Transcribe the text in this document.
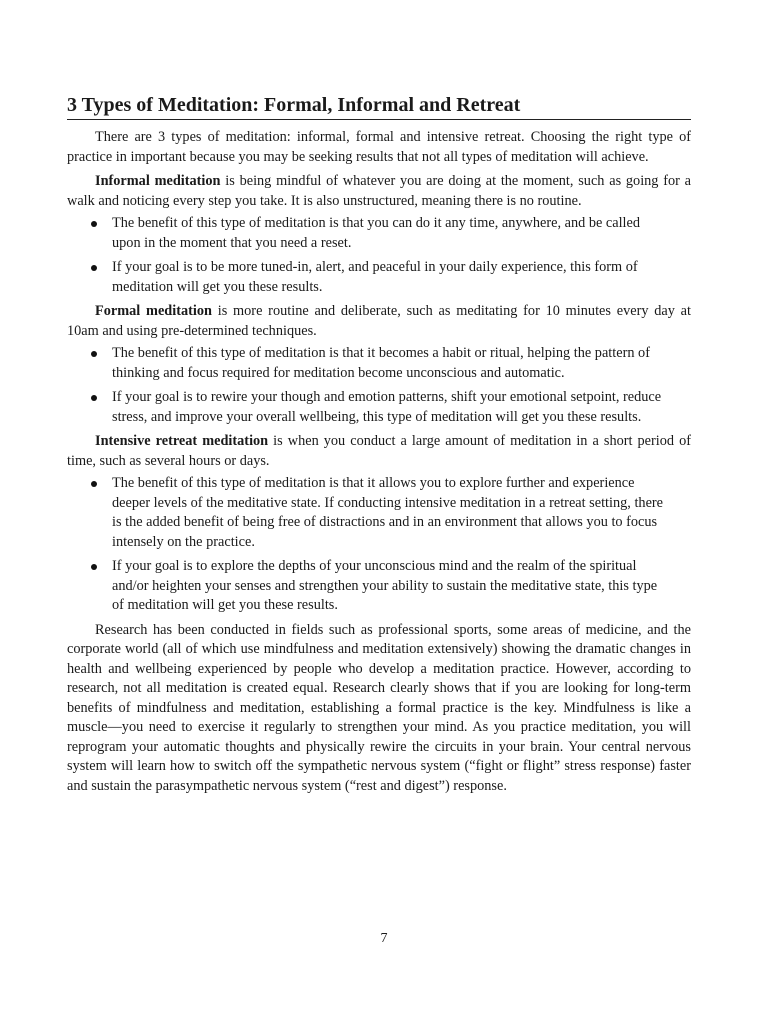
3 Types of Meditation: Formal, Informal and Retreat

There are 3 types of meditation: informal, formal and intensive retreat. Choosing the right type of practice in important because you may be seeking results that not all types of meditation will achieve.

Informal meditation is being mindful of whatever you are doing at the moment, such as going for a walk and noticing every step you take. It is also unstructured, meaning there is no routine.

The benefit of this type of meditation is that you can do it any time, anywhere, and be called upon in the moment that you need a reset.
If your goal is to be more tuned-in, alert, and peaceful in your daily experience, this form of meditation will get you these results.

Formal meditation is more routine and deliberate, such as meditating for 10 minutes every day at 10am and using pre-determined techniques.

The benefit of this type of meditation is that it becomes a habit or ritual, helping the pattern of thinking and focus required for meditation become unconscious and automatic.
If your goal is to rewire your though and emotion patterns, shift your emotional setpoint, reduce stress, and improve your overall wellbeing, this type of meditation will get you these results.

Intensive retreat meditation is when you conduct a large amount of meditation in a short period of time, such as several hours or days.

The benefit of this type of meditation is that it allows you to explore further and experience deeper levels of the meditative state. If conducting intensive meditation in a retreat setting, there is the added benefit of being free of distractions and in an environment that allows you to focus intensely on the practice.
If your goal is to explore the depths of your unconscious mind and the realm of the spiritual and/or heighten your senses and strengthen your ability to sustain the meditative state, this type of meditation will get you these results.

Research has been conducted in fields such as professional sports, some areas of medicine, and the corporate world (all of which use mindfulness and meditation extensively) showing the dramatic changes in health and wellbeing experienced by people who develop a meditation practice. However, according to research, not all meditation is created equal. Research clearly shows that if you are looking for long-term benefits of mindfulness and meditation, establishing a formal practice is the key. Mindfulness is like a muscle—you need to exercise it regularly to strengthen your mind. As you practice meditation, you will reprogram your automatic thoughts and physically rewire the circuits in your brain. Your central nervous system will learn how to switch off the sympathetic nervous system (“fight or flight” stress response) faster and sustain the parasympathetic nervous system (“rest and digest”) response.

7
